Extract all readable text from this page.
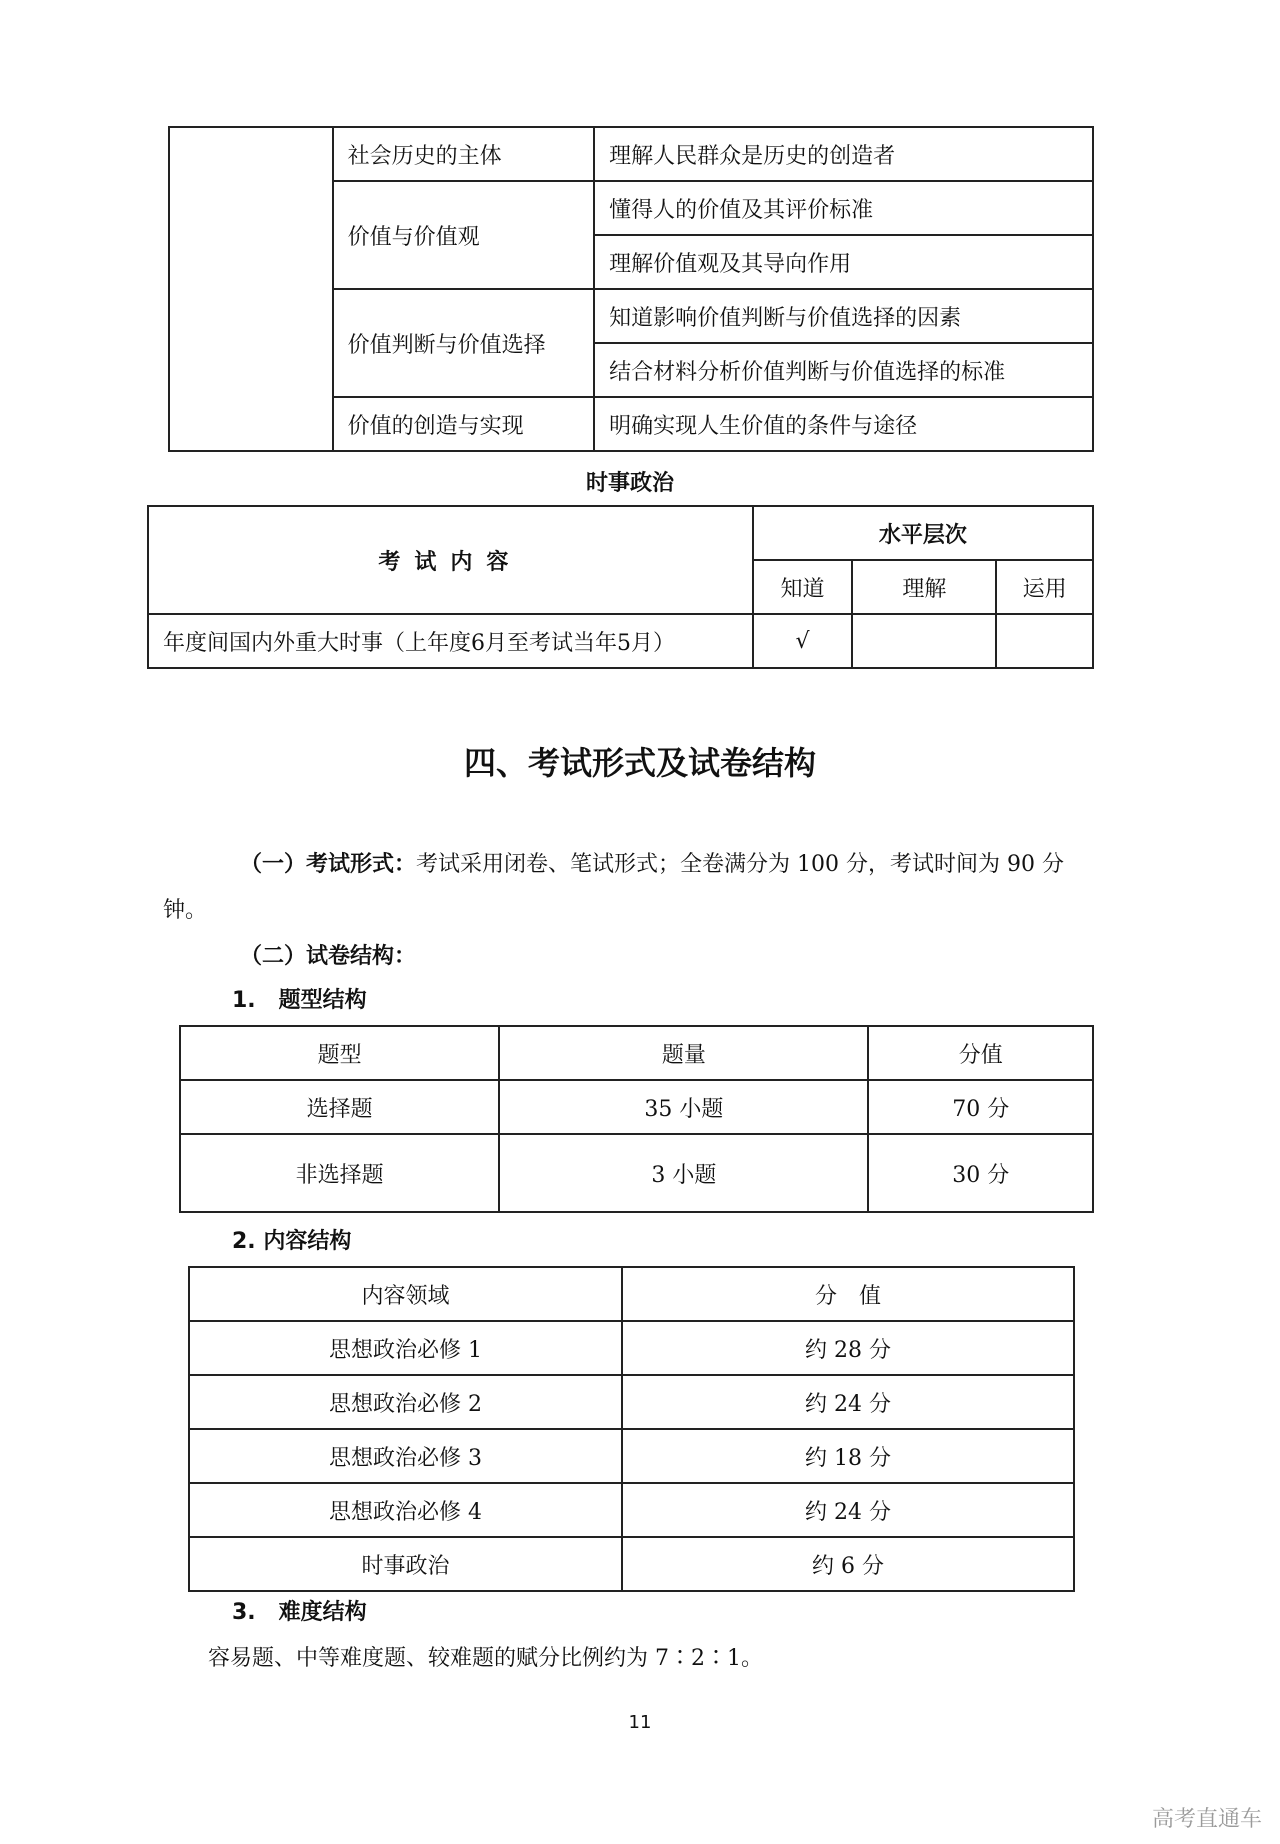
	社会历史的主体	理解人民群众是历史的创造者
	价值与价值观	懂得人的价值及其评价标准
		理解价值观及其导向作用
	价值判断与价值选择	知道影响价值判断与价值选择的因素
		结合材料分析价值判断与价值选择的标准
	价值的创造与实现	明确实现人生价值的条件与途径
时事政治
考试内容	水平层次		
	知道	理解	运用
年度间国内外重大时事（上年度6月至考试当年5月）	√		
四、考试形式及试卷结构
（一）考试形式：考试采用闭卷、笔试形式；全卷满分为 100 分，考试时间为 90 分
钟。
（二）试卷结构：
1.   题型结构
题型	题量	分值
选择题	35 小题	70 分
非选择题	3 小题	30 分
2. 内容结构
内容领域	分　值
思想政治必修 1	约 28 分
思想政治必修 2	约 24 分
思想政治必修 3	约 18 分
思想政治必修 4	约 24 分
时事政治	约 6 分
3.   难度结构
容易题、中等难度题、较难题的赋分比例约为 7∶2∶1。
11
高考直通车
